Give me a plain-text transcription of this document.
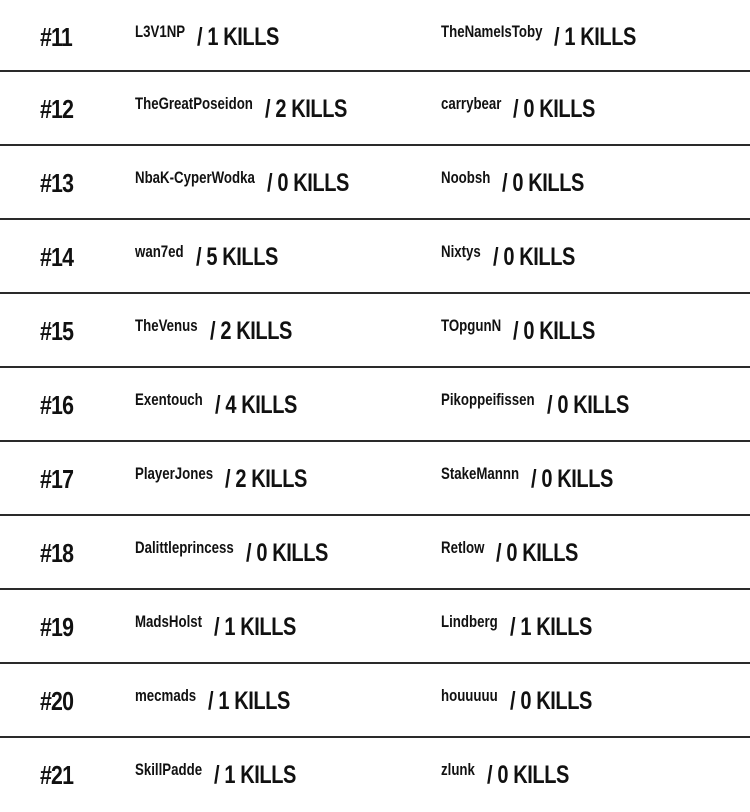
#11	L3V1NP / 1 KILLS	TheNameIsToby / 1 KILLS
#12	TheGreatPoseidon / 2 KILLS	carrybear / 0 KILLS
#13	NbaK-CyperWodka / 0 KILLS	Noobsh / 0 KILLS
#14	wan7ed / 5 KILLS	Nixtys / 0 KILLS
#15	TheVenus / 2 KILLS	TOpgunN / 0 KILLS
#16	Exentouch / 4 KILLS	Pikoppeifissen / 0 KILLS
#17	PlayerJones / 2 KILLS	StakeMannn / 0 KILLS
#18	Dalittleprincess / 0 KILLS	Retlow / 0 KILLS
#19	MadsHolst / 1 KILLS	Lindberg / 1 KILLS
#20	mecmads / 1 KILLS	houuuuu / 0 KILLS
#21	SkillPadde / 1 KILLS	zlunk / 0 KILLS
